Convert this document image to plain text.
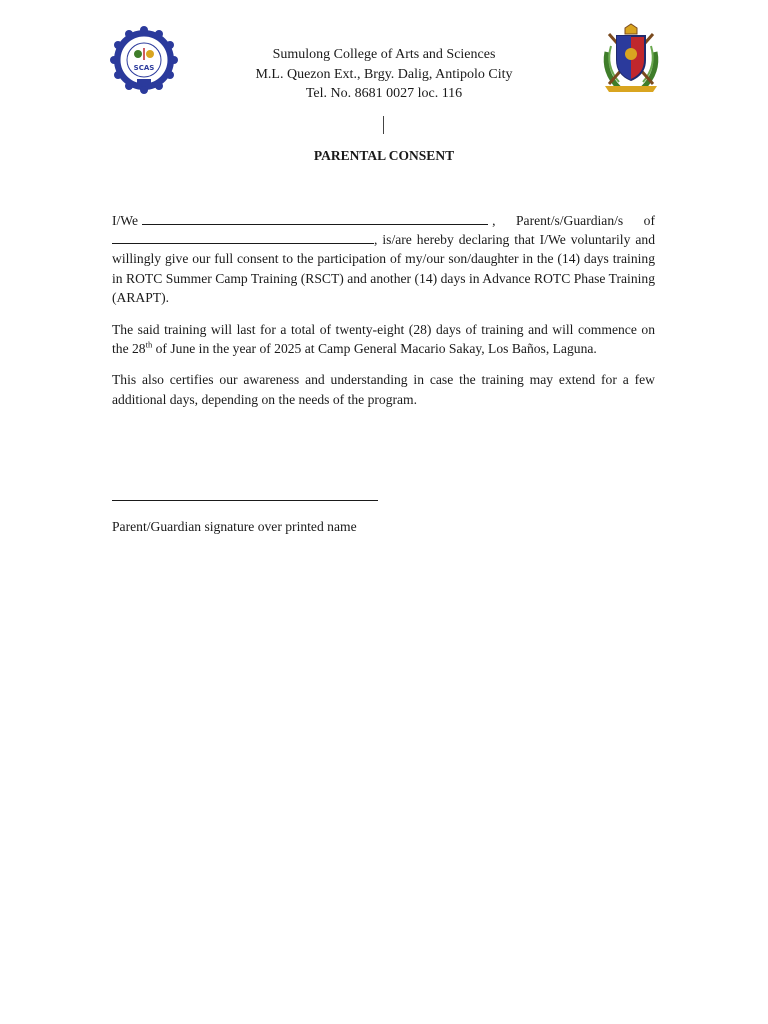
SCAS
Sumulong College of Arts and Sciences
M.L. Quezon Ext., Brgy. Dalig, Antipolo City
Tel. No. 8681 0027 loc. 116
PARENTAL CONSENT

I/We	, Parent/s/Guardian/s of , is/are hereby declaring that I/We voluntarily and willingly give our full consent to the participation of my/our son/daughter in the (14) days training in ROTC Summer Camp Training (RSCT) and another (14) days in Advance ROTC Phase Training (ARAPT).

The said training will last for a total of twenty-eight (28) days of training and will commence on the 28th of June in the year of 2025 at Camp General Macario Sakay, Los Baños, Laguna.

This also certifies our awareness and understanding in case the training may extend for a few additional days, depending on the needs of the program.

Parent/Guardian signature over printed name
